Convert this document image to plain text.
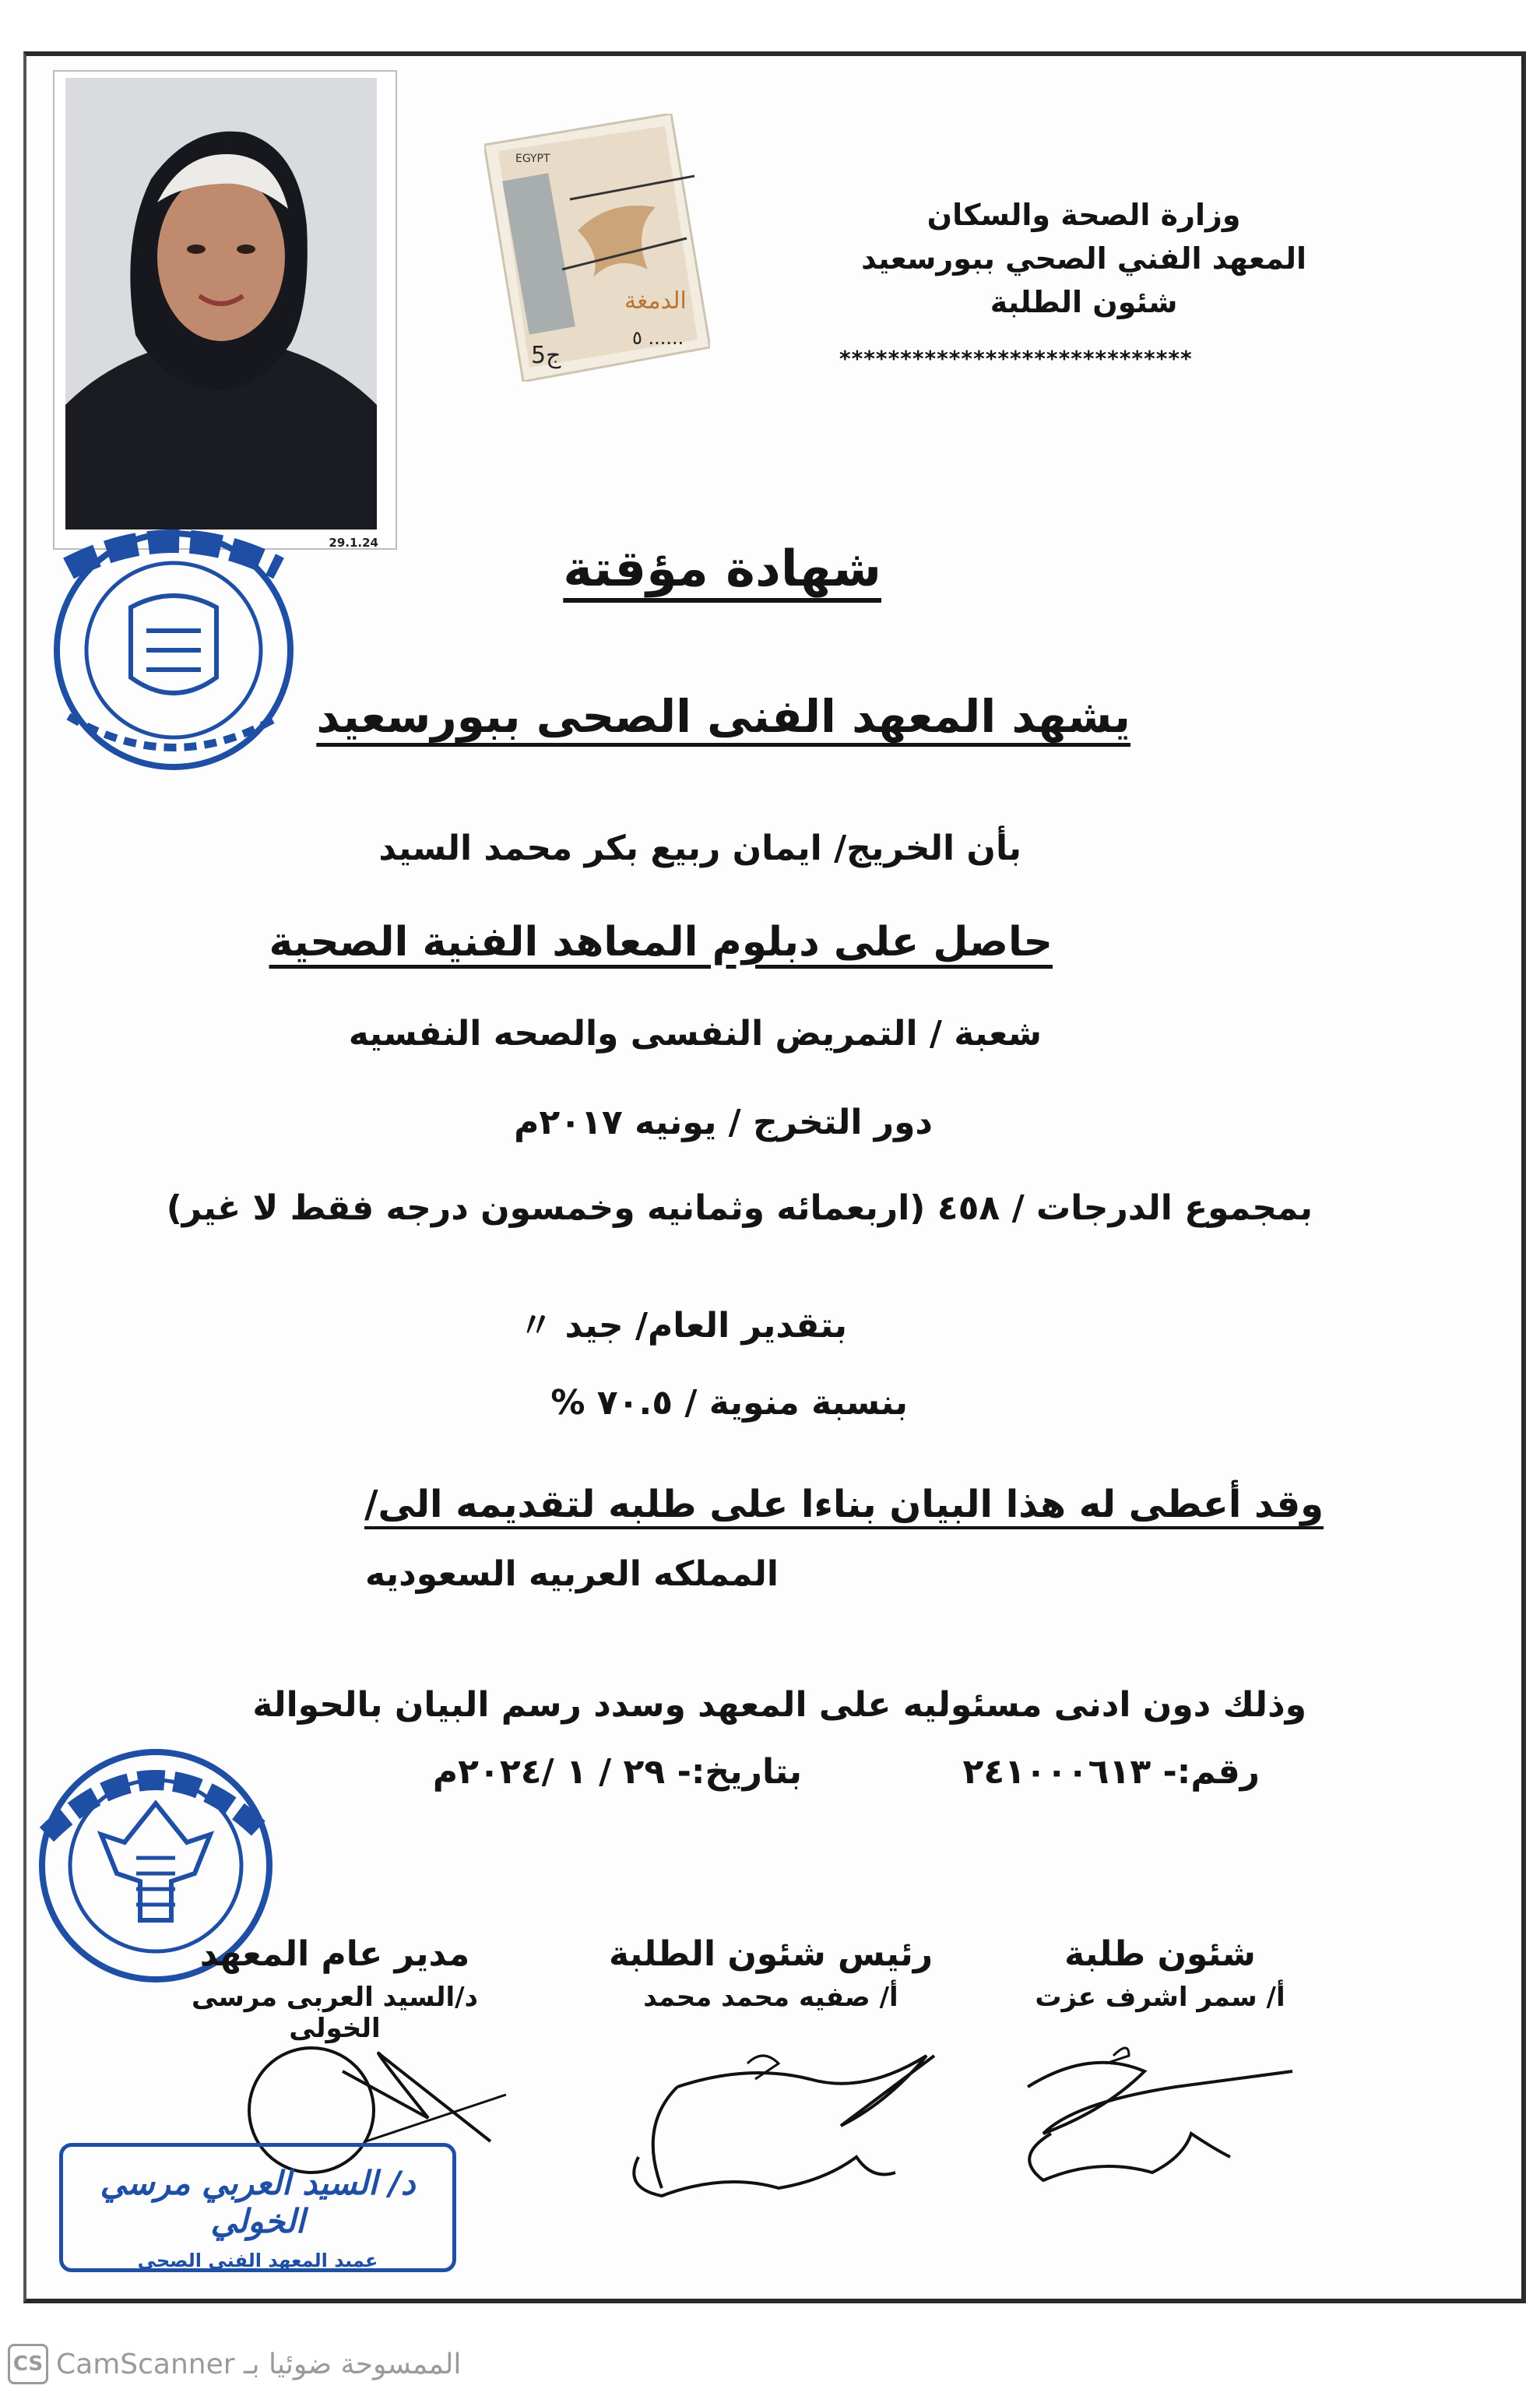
29.1.24
EGYPT
الدمغة
ج5
٥ ......
وزارة الصحة والسكان
المعهد الفني الصحي ببورسعيد
شئون الطلبة
*****************************
شهادة مؤقتة
يشهد المعهد الفنى الصحى ببورسعيد
بأن الخريج/ ايمان ربيع بكر محمد السيد
حاصل على دبلوم المعاهد الفنية الصحية
شعبة / التمريض النفسى والصحه النفسيه
دور التخرج / يونيه ٢٠١٧م
بمجموع الدرجات / ٤٥٨ (اربعمائه وثمانيه وخمسون درجه فقط لا غير)
بتقدير العام/ جيد 〃
بنسبة منوية / ٧٠.٥ %
وقد أعطى له هذا البيان بناءا على طلبه لتقديمه الى/
المملكه العربيه السعوديه
وذلك دون ادنى مسئوليه على المعهد وسدد رسم البيان بالحوالة
رقم:- ٢٤١٠٠٠٦١٣
بتاريخ:- ٢٩ / ١ /٢٠٢٤م
شئون طلبة
أ/ سمر اشرف عزت
رئيس شئون الطلبة
أ/ صفيه محمد محمد
مدير عام المعهد
د/السيد العربى مرسى الخولى
د/ السيد العربي مرسي الخولي
عميد المعهد الفني الصحي
CS الممسوحة ضوئيا بـ CamScanner
